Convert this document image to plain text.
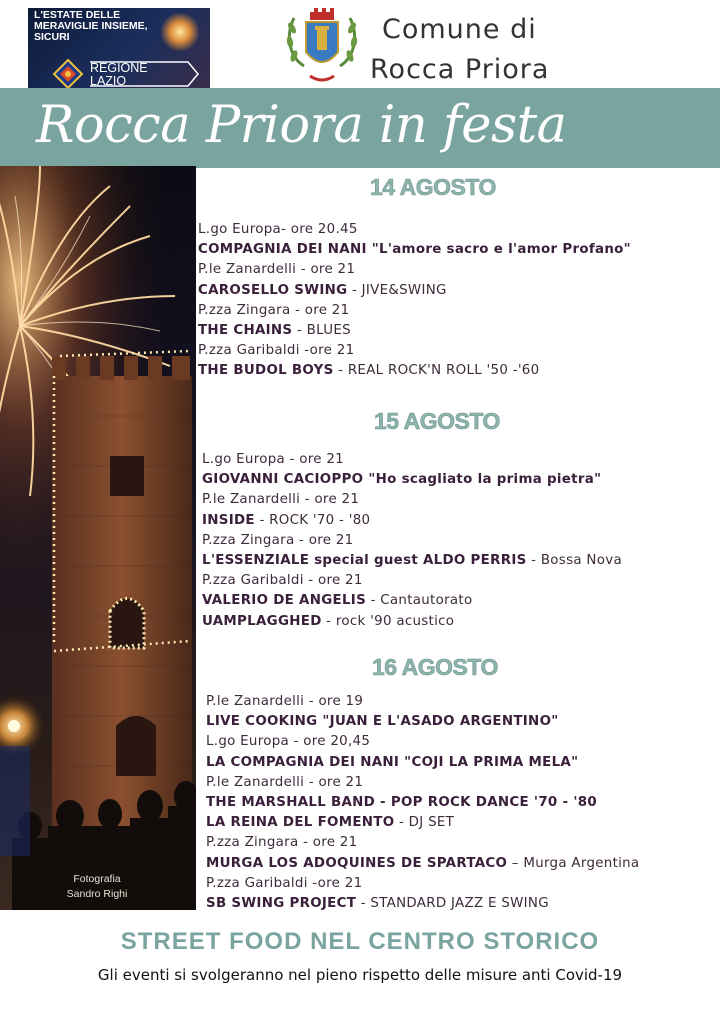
L'ESTATE DELLE MERAVIGLIE INSIEME, SICURI
REGIONE
LAZIO
Comune di
Rocca Priora
Rocca Priora in festa
Fotografia
Sandro Righi
14 AGOSTO
L.go Europa- ore 20.45
COMPAGNIA DEI NANI "L'amore sacro e l'amor Profano"
P.le Zanardelli - ore 21
CAROSELLO SWING - JIVE&SWING
P.zza Zingara - ore 21
THE CHAINS - BLUES
P.zza Garibaldi -ore 21
THE BUDOL BOYS - REAL ROCK'N ROLL '50 -'60
15 AGOSTO
L.go Europa - ore 21
GIOVANNI CACIOPPO "Ho scagliato la prima pietra"
P.le Zanardelli - ore 21
INSIDE - ROCK '70 - '80
P.zza Zingara - ore 21
L'ESSENZIALE special guest ALDO PERRIS - Bossa Nova
P.zza Garibaldi - ore 21
VALERIO DE ANGELIS - Cantautorato
UAMPLAGGHED - rock '90 acustico
16 AGOSTO
P.le Zanardelli - ore 19
LIVE COOKING "JUAN E L'ASADO ARGENTINO"
L.go Europa - ore 20,45
LA COMPAGNIA DEI NANI "COJI LA PRIMA MELA"
P.le Zanardelli - ore 21
THE MARSHALL BAND - POP ROCK DANCE '70 - '80
LA REINA DEL FOMENTO - DJ SET
P.zza Zingara - ore 21
MURGA LOS ADOQUINES DE SPARTACO – Murga Argentina
P.zza Garibaldi -ore 21
SB SWING PROJECT - STANDARD JAZZ E SWING
STREET FOOD NEL CENTRO STORICO
Gli eventi si svolgeranno nel pieno rispetto delle misure anti Covid-19
